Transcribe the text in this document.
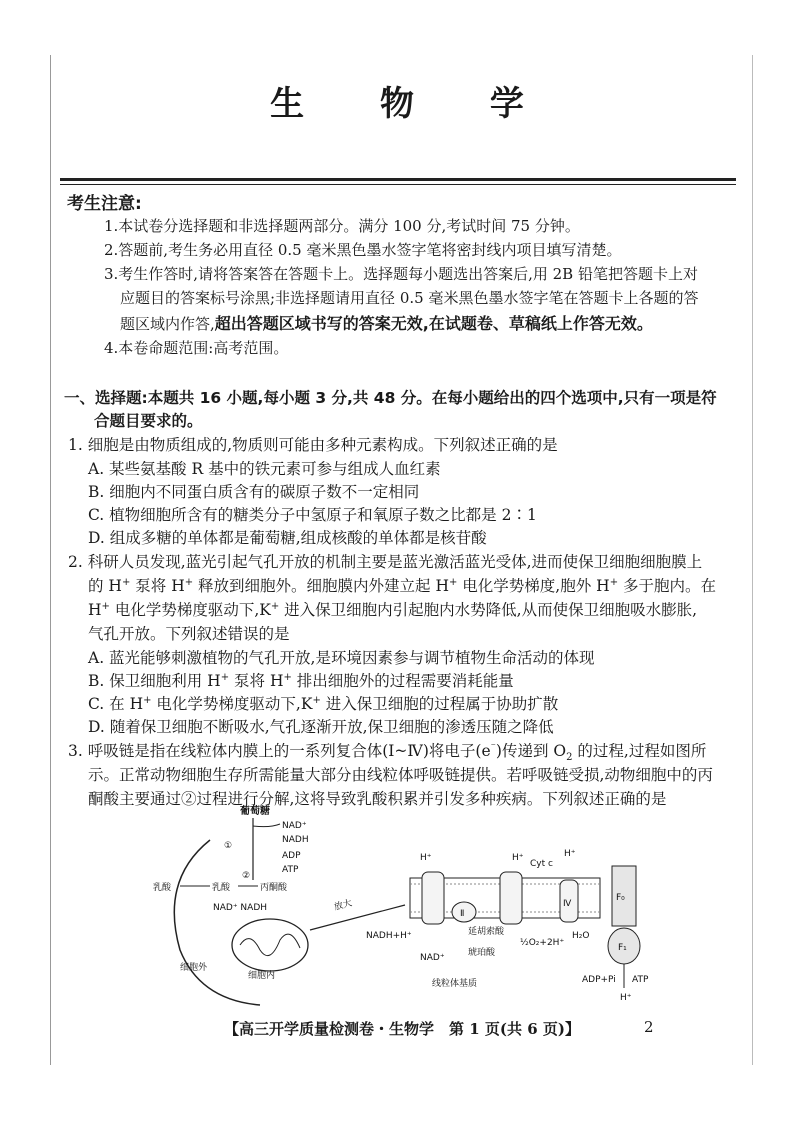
生 物 学
考生注意:
1.本试卷分选择题和非选择题两部分。满分 100 分,考试时间 75 分钟。
2.答题前,考生务必用直径 0.5 毫米黑色墨水签字笔将密封线内项目填写清楚。
3.考生作答时,请将答案答在答题卡上。选择题每小题选出答案后,用 2B 铅笔把答题卡上对
应题目的答案标号涂黑;非选择题请用直径 0.5 毫米黑色墨水签字笔在答题卡上各题的答
题区域内作答,超出答题区域书写的答案无效,在试题卷、草稿纸上作答无效。
4.本卷命题范围:高考范围。
一、选择题:本题共 16 小题,每小题 3 分,共 48 分。在每小题给出的四个选项中,只有一项是符
合题目要求的。
1. 细胞是由物质组成的,物质则可能由多种元素构成。下列叙述正确的是
A. 某些氨基酸 R 基中的铁元素可参与组成人血红素
B. 细胞内不同蛋白质含有的碳原子数不一定相同
C. 植物细胞所含有的糖类分子中氢原子和氧原子数之比都是 2∶1
D. 组成多糖的单体都是葡萄糖,组成核酸的单体都是核苷酸
2. 科研人员发现,蓝光引起气孔开放的机制主要是蓝光激活蓝光受体,进而使保卫细胞细胞膜上
的 H+ 泵将 H+ 释放到细胞外。细胞膜内外建立起 H+ 电化学势梯度,胞外 H+ 多于胞内。在
H+ 电化学势梯度驱动下,K+ 进入保卫细胞内引起胞内水势降低,从而使保卫细胞吸水膨胀,
气孔开放。下列叙述错误的是
A. 蓝光能够刺激植物的气孔开放,是环境因素参与调节植物生命活动的体现
B. 保卫细胞利用 H+ 泵将 H+ 排出细胞外的过程需要消耗能量
C. 在 H+ 电化学势梯度驱动下,K+ 进入保卫细胞的过程属于协助扩散
D. 随着保卫细胞不断吸水,气孔逐渐开放,保卫细胞的渗透压随之降低
3. 呼吸链是指在线粒体内膜上的一系列复合体(Ⅰ~Ⅳ)将电子(e⁻)传递到 $O_2$ 的过程,过程如图所
示。正常动物细胞生存所需能量大部分由线粒体呼吸链提供。若呼吸链受损,动物细胞中的丙
酮酸主要通过②过程进行分解,这将导致乳酸积累并引发多种疾病。下列叙述正确的是
葡萄糖
①
NAD⁺
NADH
ADP
ATP
②
丙酮酸
乳酸
乳酸
NAD⁺ NADH
细胞外
细胞内
放大
Ⅱ
Ⅳ
F₀
F₁
H⁺	H⁺
Cyt c
H⁺
H⁺
NADH+H⁺
NAD⁺
延胡索酸
琥珀酸
½O₂+2H⁺
H₂O
ADP+Pi ATP
线粒体基质
【高三开学质量检测卷・生物学　第 1 页(共 6 页)】	2
